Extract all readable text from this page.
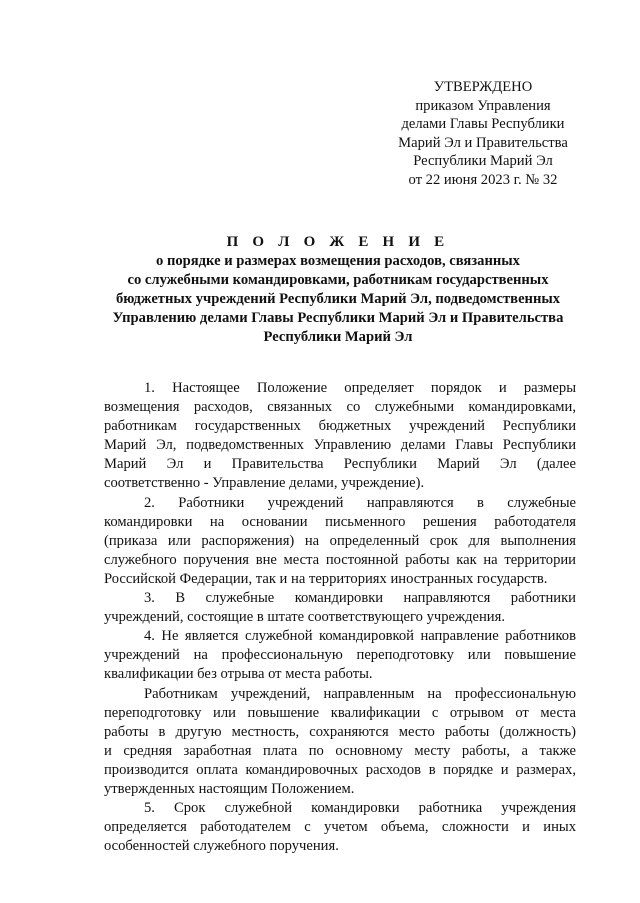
УТВЕРЖДЕНО
приказом Управления
делами Главы Республики
Марий Эл и Правительства
Республики Марий Эл
от 22 июня 2023 г. № 32
П О Л О Ж Е Н И Е
о порядке и размерах возмещения расходов, связанных
со служебными командировками, работникам государственных
бюджетных учреждений Республики Марий Эл, подведомственных
Управлению делами Главы Республики Марий Эл и Правительства
Республики Марий Эл
1. Настоящее Положение определяет порядок и размеры
возмещения расходов, связанных со служебными командировками,
работникам государственных бюджетных учреждений Республики
Марий Эл, подведомственных Управлению делами Главы Республики
Марий Эл и Правительства Республики Марий Эл (далее
соответственно - Управление делами, учреждение).
2. Работники учреждений направляются в служебные
командировки на основании письменного решения работодателя
(приказа или распоряжения) на определенный срок для выполнения
служебного поручения вне места постоянной работы как на территории
Российской Федерации, так и на территориях иностранных государств.
3. В служебные командировки направляются работники
учреждений, состоящие в штате соответствующего учреждения.
4. Не является служебной командировкой направление работников
учреждений на профессиональную переподготовку или повышение
квалификации без отрыва от места работы.
Работникам учреждений, направленным на профессиональную
переподготовку или повышение квалификации с отрывом от места
работы в другую местность, сохраняются место работы (должность)
и средняя заработная плата по основному месту работы, а также
производится оплата командировочных расходов в порядке и размерах,
утвержденных настоящим Положением.
5. Срок служебной командировки работника учреждения
определяется работодателем с учетом объема, сложности и иных
особенностей служебного поручения.
